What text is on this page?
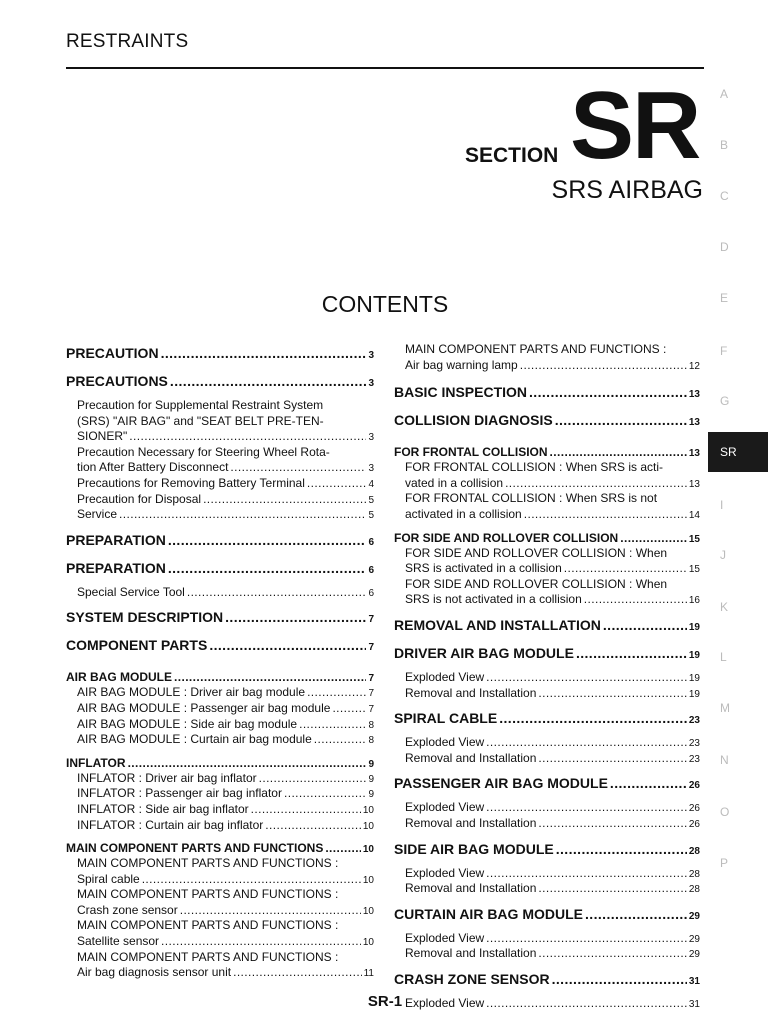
RESTRAINTS
SECTION SR
SRS AIRBAG
CONTENTS
PRECAUTION .....	3
PRECAUTIONS .....	3
Precaution for Supplemental Restraint System
(SRS) "AIR BAG" and "SEAT BELT PRE-TEN-
SIONER" .....	3
Precaution Necessary for Steering Wheel Rota-
tion After Battery Disconnect .....	3
Precautions for Removing Battery Terminal .....	4
Precaution for Disposal .....	5
Service .....	5
PREPARATION .....	6
PREPARATION .....	6
Special Service Tool .....	6
SYSTEM DESCRIPTION .....	7
COMPONENT PARTS .....	7
AIR BAG MODULE .....	7
AIR BAG MODULE : Driver air bag module .....	7
AIR BAG MODULE : Passenger air bag module .....	7
AIR BAG MODULE : Side air bag module .....	8
AIR BAG MODULE : Curtain air bag module .....	8
INFLATOR .....	9
INFLATOR : Driver air bag inflator .....	9
INFLATOR : Passenger air bag inflator .....	9
INFLATOR : Side air bag inflator .....	10
INFLATOR : Curtain air bag inflator .....	10
MAIN COMPONENT PARTS AND FUNCTIONS .....	10
MAIN COMPONENT PARTS AND FUNCTIONS :
Spiral cable .....	10
MAIN COMPONENT PARTS AND FUNCTIONS :
Crash zone sensor .....	10
MAIN COMPONENT PARTS AND FUNCTIONS :
Satellite sensor .....	10
MAIN COMPONENT PARTS AND FUNCTIONS :
Air bag diagnosis sensor unit .....	11
MAIN COMPONENT PARTS AND FUNCTIONS :
Air bag warning lamp .....	12
BASIC INSPECTION .....	13
COLLISION DIAGNOSIS .....	13
FOR FRONTAL COLLISION .....	13
FOR FRONTAL COLLISION : When SRS is acti-
vated in a collision .....	13
FOR FRONTAL COLLISION : When SRS is not
activated in a collision .....	14
FOR SIDE AND ROLLOVER COLLISION .....	15
FOR SIDE AND ROLLOVER COLLISION : When
SRS is activated in a collision .....	15
FOR SIDE AND ROLLOVER COLLISION : When
SRS is not activated in a collision .....	16
REMOVAL AND INSTALLATION .....	19
DRIVER AIR BAG MODULE .....	19
Exploded View .....	19
Removal and Installation .....	19
SPIRAL CABLE .....	23
Exploded View .....	23
Removal and Installation .....	23
PASSENGER AIR BAG MODULE .....	26
Exploded View .....	26
Removal and Installation .....	26
SIDE AIR BAG MODULE .....	28
Exploded View .....	28
Removal and Installation .....	28
CURTAIN AIR BAG MODULE .....	29
Exploded View .....	29
Removal and Installation .....	29
CRASH ZONE SENSOR .....	31
Exploded View .....	31
A
B
C
D
E
F
G
SR
I
J
K
L
M
N
O
P
SR-1
